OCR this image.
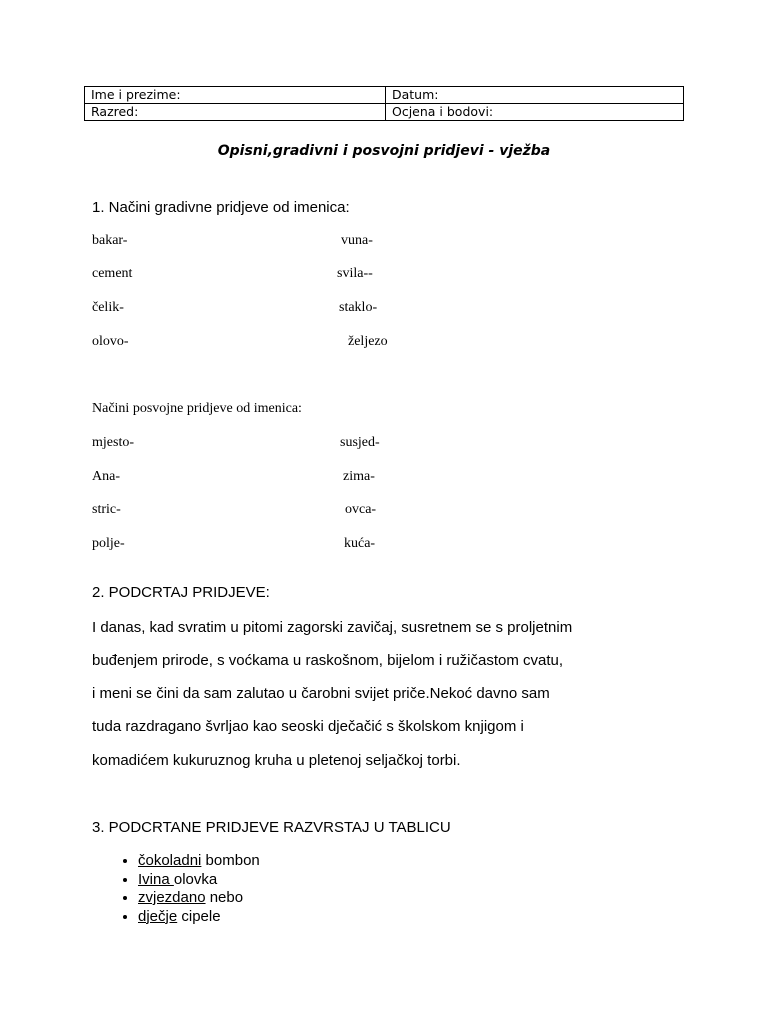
Ime i prezime:	Datum:
Razred:	Ocjena i bodovi:
Opisni,gradivni i posvojni pridjevi - vježba
1. Načini gradivne pridjeve od imenica:
bakar-	vuna-
cement	svila--
čelik-	staklo-
olovo-	željezo
Načini posvojne pridjeve od imenica:
mjesto-	susjed-
Ana-	zima-
stric-	ovca-
polje-	kuća-
2. PODCRTAJ PRIDJEVE:
I danas, kad svratim u pitomi zagorski zavičaj, susretnem se s proljetnim
buđenjem prirode, s voćkama u raskošnom, bijelom i ružičastom cvatu,
i meni se čini da sam zalutao u čarobni svijet priče.Nekoć davno sam
tuda razdragano švrljao kao seoski dječačić s školskom knjigom i
komadićem kukuruznog kruha u pletenoj seljačkoj torbi.
3. PODCRTANE PRIDJEVE RAZVRSTAJ U TABLICU
• čokoladni bombon
• Ivina olovka
• zvjezdano nebo
• dječje cipele
